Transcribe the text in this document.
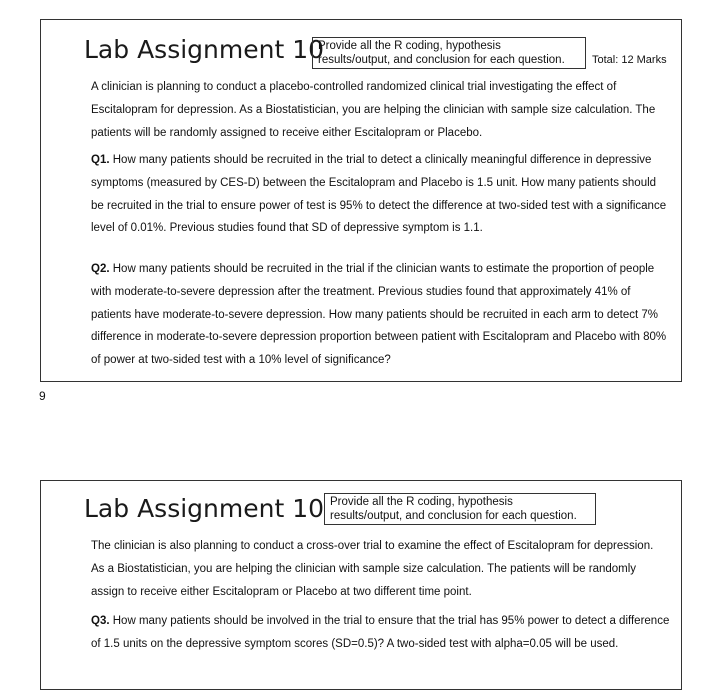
Lab Assignment 10
Provide all the R coding, hypothesis
results/output, and conclusion for each question.	Total: 12 Marks

A clinician is planning to conduct a placebo-controlled randomized clinical trial investigating the effect of Escitalopram for depression. As a Biostatistician, you are helping the clinician with sample size calculation. The patients will be randomly assigned to receive either Escitalopram or Placebo.

Q1. How many patients should be recruited in the trial to detect a clinically meaningful difference in depressive symptoms (measured by CES-D) between the Escitalopram and Placebo is 1.5 unit. How many patients should be recruited in the trial to ensure power of test is 95% to detect the difference at two-sided test with a significance level of 0.01%. Previous studies found that SD of depressive symptom is 1.1.

Q2. How many patients should be recruited in the trial if the clinician wants to estimate the proportion of people with moderate-to-severe depression after the treatment. Previous studies found that approximately 41% of patients have moderate-to-severe depression. How many patients should be recruited in each arm to detect 7% difference in moderate-to-severe depression proportion between patient with Escitalopram and Placebo with 80% of power at two-sided test with a 10% level of significance?

9
Lab Assignment 10 Provide all the R coding, hypothesis
results/output, and conclusion for each question.

The clinician is also planning to conduct a cross-over trial to examine the effect of Escitalopram for depression. As a Biostatistician, you are helping the clinician with sample size calculation. The patients will be randomly assign to receive either Escitalopram or Placebo at two different time point.

Q3. How many patients should be involved in the trial to ensure that the trial has 95% power to detect a difference of 1.5 units on the depressive symptom scores (SD=0.5)? A two-sided test with alpha=0.05 will be used.
